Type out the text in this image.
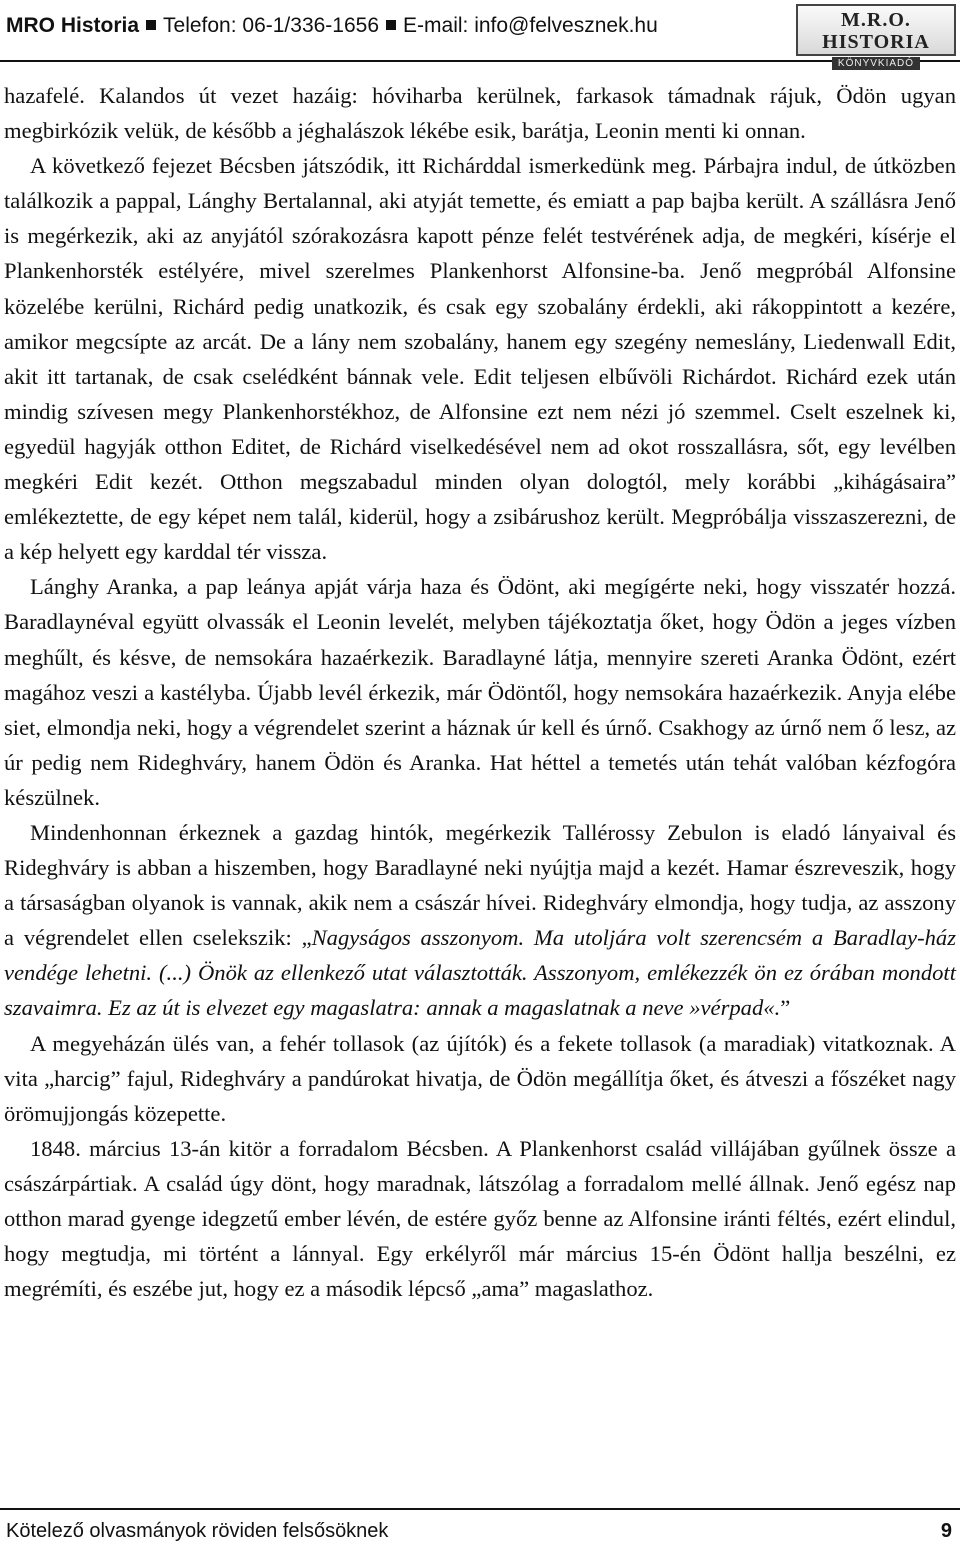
MRO Historia Telefon: 06-1/336-1656 E-mail: info@felvesznek.hu	M.R.O. HISTORIA
KÖNYVKIADÓ

hazafelé. Kalandos út vezet hazáig: hóviharba kerülnek, farkasok támadnak rájuk, Ödön ugyan megbirkózik velük, de később a jéghalászok lékébe esik, barátja, Leonin menti ki onnan.

A következő fejezet Bécsben játszódik, itt Richárddal ismerkedünk meg. Párbajra indul, de útközben találkozik a pappal, Lánghy Bertalannal, aki atyját temette, és emiatt a pap bajba került. A szállásra Jenő is megérkezik, aki az anyjától szórakozásra kapott pénze felét testvérének adja, de megkéri, kísérje el Plankenhorsték estélyére, mivel szerelmes Plankenhorst Alfonsine-ba. Jenő megpróbál Alfonsine közelébe kerülni, Richárd pedig unatkozik, és csak egy szobalány érdekli, aki rákoppintott a kezére, amikor megcsípte az arcát. De a lány nem szobalány, hanem egy szegény nemeslány, Liedenwall Edit, akit itt tartanak, de csak cselédként bánnak vele. Edit teljesen elbűvöli Richárdot. Richárd ezek után mindig szívesen megy Plankenhorstékhoz, de Alfonsine ezt nem nézi jó szemmel. Cselt eszelnek ki, egyedül hagyják otthon Editet, de Richárd viselkedésével nem ad okot rosszallásra, sőt, egy levélben megkéri Edit kezét. Otthon megszabadul minden olyan dologtól, mely korábbi „kihágásaira” emlékeztette, de egy képet nem talál, kiderül, hogy a zsibárushoz került. Megpróbálja visszaszerezni, de a kép helyett egy karddal tér vissza.

Lánghy Aranka, a pap leánya apját várja haza és Ödönt, aki megígérte neki, hogy visszatér hozzá. Baradlaynéval együtt olvassák el Leonin levelét, melyben tájékoztatja őket, hogy Ödön a jeges vízben meghűlt, és késve, de nemsokára hazaérkezik. Baradlayné látja, mennyire szereti Aranka Ödönt, ezért magához veszi a kastélyba. Újabb levél érkezik, már Ödöntől, hogy nemsokára hazaérkezik. Anyja elébe siet, elmondja neki, hogy a végrendelet szerint a háznak úr kell és úrnő. Csakhogy az úrnő nem ő lesz, az úr pedig nem Rideghváry, hanem Ödön és Aranka. Hat héttel a temetés után tehát valóban kézfogóra készülnek.

Mindenhonnan érkeznek a gazdag hintók, megérkezik Tallérossy Zebulon is eladó lányaival és Rideghváry is abban a hiszemben, hogy Baradlayné neki nyújtja majd a kezét. Hamar észreveszik, hogy a társaságban olyanok is vannak, akik nem a császár hívei. Rideghváry elmondja, hogy tudja, az asszony a végrendelet ellen cselekszik: „Nagyságos asszonyom. Ma utoljára volt szerencsém a Baradlay-ház vendége lehetni. (...) Önök az ellenkező utat választották. Asszonyom, emlékezzék ön ez órában mondott szavaimra. Ez az út is elvezet egy magaslatra: annak a magaslatnak a neve »vérpad«.”

A megyeházán ülés van, a fehér tollasok (az újítók) és a fekete tollasok (a maradiak) vitatkoznak. A vita „harcig” fajul, Rideghváry a pandúrokat hivatja, de Ödön megállítja őket, és átveszi a főszéket nagy örömujjongás közepette.

1848. március 13-án kitör a forradalom Bécsben. A Plankenhorst család villájában gyűlnek össze a császárpártiak. A család úgy dönt, hogy maradnak, látszólag a forradalom mellé állnak. Jenő egész nap otthon marad gyenge idegzetű ember lévén, de estére győz benne az Alfonsine iránti féltés, ezért elindul, hogy megtudja, mi történt a lánnyal. Egy erkélyről már március 15-én Ödönt hallja beszélni, ez megrémíti, és eszébe jut, hogy ez a második lépcső „ama” magaslathoz.

Kötelező olvasmányok röviden felsősöknek	9
